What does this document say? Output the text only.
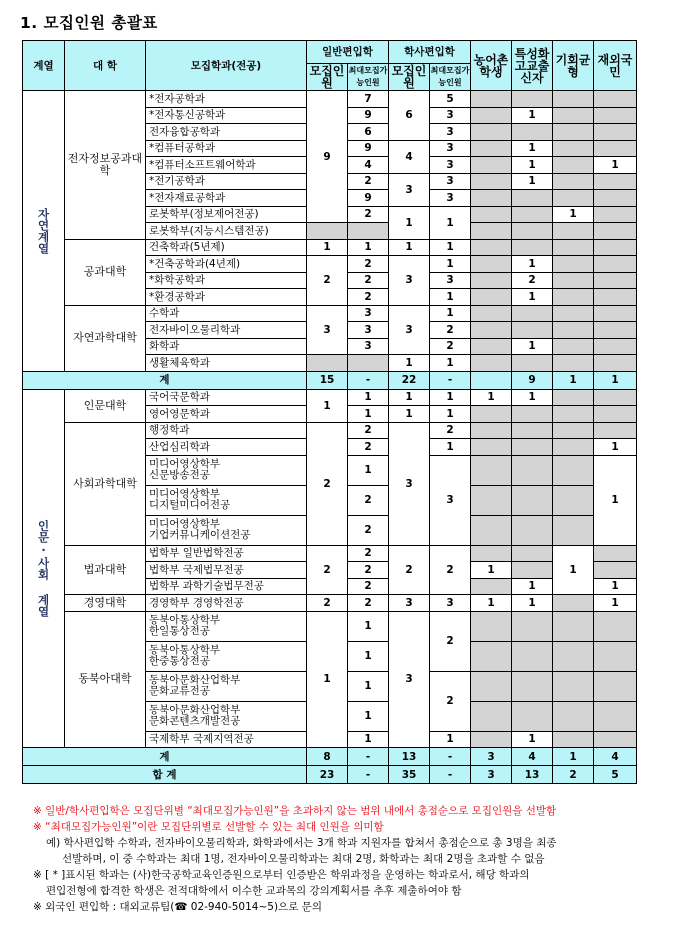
1. 모집인원 총괄표
계열	대 학	모집학과(전공)	일반편입학		학사편입학		농어촌학생	특성화고교출신자	기회균형	재외국민
			모집인원	최대모집가능인원	모집인원	최대모집가능인원				
자연계열	전자정보공과대학	*전자공학과	9	7	6	5				
		*전자통신공학과		9		3		1		
		전자융합공학과		6		3				
		*컴퓨터공학과		9	4	3		1		
		*컴퓨터소프트웨어학과		4		3		1		1
		*전기공학과		2	3	3		1		
		*전자재료공학과		9		3				
		로봇학부(정보제어전공)		2	1	1			1	
		로봇학부(지능시스템전공)								
	공과대학	건축학과(5년제)	1	1	1	1				
		*건축공학과(4년제)	2	2	3	1		1		
		*화학공학과		2		3		2		
		*환경공학과		2		1		1		
	자연과학대학	수학과	3	3	3	1				
		전자바이오물리학과		3		2				
		화학과		3		2		1		
		생활체육학과			1	1				
계			15	-	22	-		9	1	1
인문·사회 계열	인문대학	국어국문학과	1	1	1	1	1	1		
		영어영문학과		1	1	1				
	사회과학대학	행정학과	2	2	3	2				
		산업심리학과		2		1				1
		미디어영상학부
신문방송전공		1		3				1
		미디어영상학부
디지털미디어전공		2						
		미디어영상학부
기업커뮤니케이션전공		2						
	법과대학	법학부 일반법학전공	2	2	2	2			1	
		법학부 국제법무전공		2			1			
		법학부 과학기술법무전공		2				1		1
	경영대학	경영학부 경영학전공	2	2	3	3	1	1		1
	동북아대학	동북아통상학부
한일통상전공	1	1	3	2				
		동북아통상학부
한중통상전공		1						
		동북아문화산업학부
문화교류전공		1		2				
		동북아문화산업학부
문화콘텐츠개발전공		1						
		국제학부 국제지역전공		1		1		1		
계			8	-	13	-	3	4	1	4
합 계			23	-	35	-	3	13	2	5
※ 일반/학사편입학은 모집단위별 “최대모집가능인원”을 초과하지 않는 범위 내에서 총점순으로 모집인원을 선발함
※ “최대모집가능인원”이란 모집단위별로 선발할 수 있는 최대 인원을 의미함
예) 학사편입학 수학과, 전자바이오물리학과, 화학과에서는 3개 학과 지원자를 합쳐서 총점순으로 총 3명을 최종
선발하며, 이 중 수학과는 최대 1명, 전자바이오물리학과는 최대 2명, 화학과는 최대 2명을 초과할 수 없음
※ [ * ]표시된 학과는 (사)한국공학교육인증원으로부터 인증받은 학위과정을 운영하는 학과로서, 해당 학과의
편입전형에 합격한 학생은 전적대학에서 이수한 교과목의 강의계획서를 추후 제출하여야 함
※ 외국인 편입학 : 대외교류팀(☎ 02-940-5014~5)으로 문의
